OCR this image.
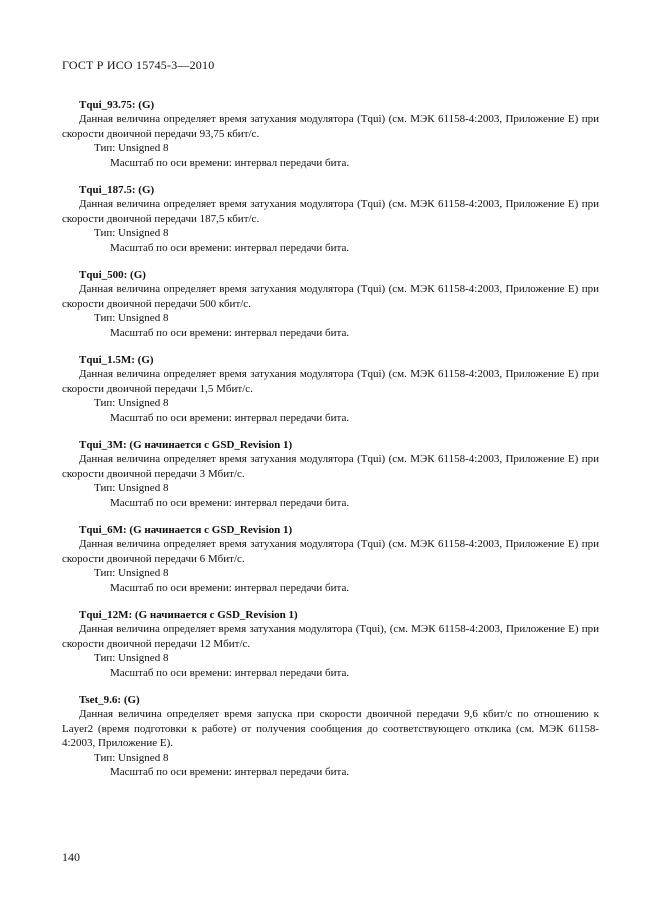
ГОСТ Р ИСО 15745-3—2010
Tqui_93.75: (G)

Данная величина определяет время затухания модулятора (Tqui) (см. МЭК 61158-4:2003, Приложение Е) при скорости двоичной передачи 93,75 кбит/с.

Тип: Unsigned 8
Масштаб по оси времени: интервал передачи бита.
Tqui_187.5: (G)

Данная величина определяет время затухания модулятора (Tqui) (см. МЭК 61158-4:2003, Приложение Е) при скорости двоичной передачи 187,5 кбит/с.

Тип: Unsigned 8
Масштаб по оси времени: интервал передачи бита.
Tqui_500: (G)

Данная величина определяет время затухания модулятора (Tqui) (см. МЭК 61158-4:2003, Приложение Е) при скорости двоичной передачи 500 кбит/с.

Тип: Unsigned 8
Масштаб по оси времени: интервал передачи бита.
Tqui_1.5M: (G)

Данная величина определяет время затухания модулятора (Tqui) (см. МЭК 61158-4:2003, Приложение Е) при скорости двоичной передачи 1,5 Мбит/с.

Тип: Unsigned 8
Масштаб по оси времени: интервал передачи бита.
Tqui_3M: (G начинается с GSD_Revision 1)

Данная величина определяет время затухания модулятора (Tqui) (см. МЭК 61158-4:2003, Приложение Е) при скорости двоичной передачи 3 Мбит/с.

Тип: Unsigned 8
Масштаб по оси времени: интервал передачи бита.
Tqui_6M: (G начинается с GSD_Revision 1)

Данная величина определяет время затухания модулятора (Tqui) (см. МЭК 61158-4:2003, Приложение Е) при скорости двоичной передачи 6 Мбит/с.

Тип: Unsigned 8
Масштаб по оси времени: интервал передачи бита.
Tqui_12M: (G начинается с GSD_Revision 1)

Данная величина определяет время затухания модулятора (Tqui), (см. МЭК 61158-4:2003, Приложение Е) при скорости двоичной передачи 12 Мбит/с.

Тип: Unsigned 8
Масштаб по оси времени: интервал передачи бита.
Tset_9.6: (G)

Данная величина определяет время запуска при скорости двоичной передачи 9,6 кбит/с по отношению к Layer2 (время подготовки к работе) от получения сообщения до соответствующего отклика (см. МЭК 61158-4:2003, Приложение Е).

Тип: Unsigned 8
Масштаб по оси времени: интервал передачи бита.
140
